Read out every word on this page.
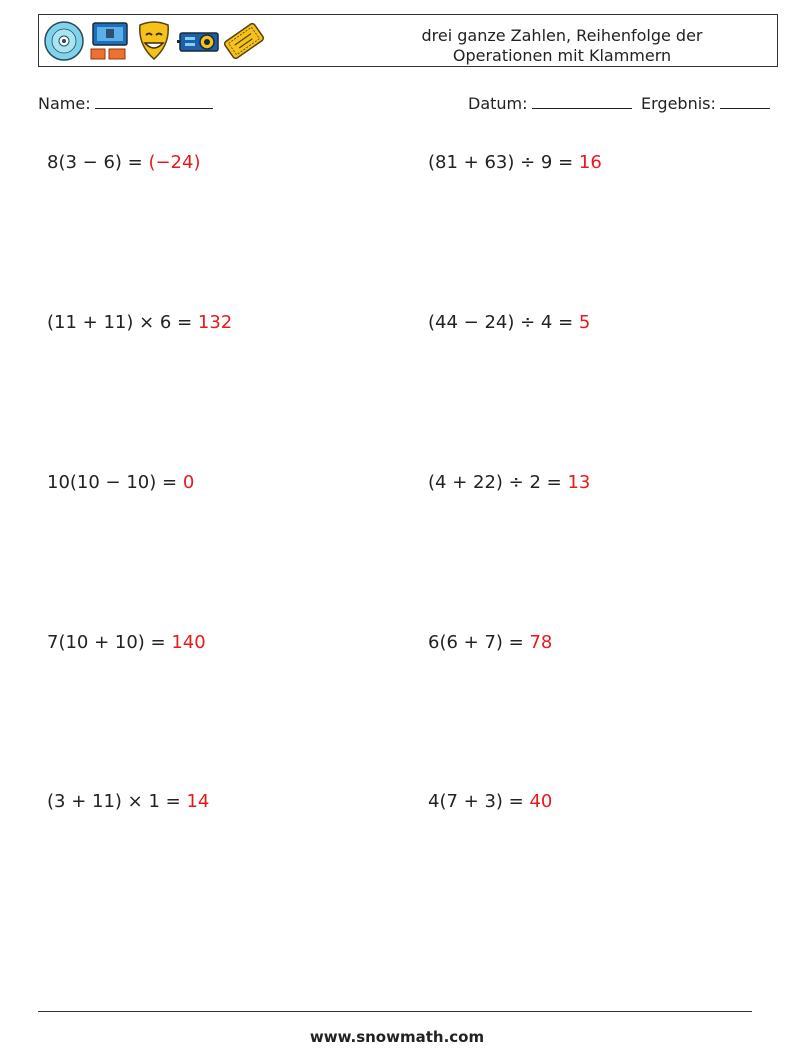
drei ganze Zahlen, Reihenfolge der
Operationen mit Klammern
Name:	Datum:	Ergebnis:
8(3 − 6) = (−24)	(81 + 63) ÷ 9 = 16
(11 + 11) × 6 = 132	(44 − 24) ÷ 4 = 5
10(10 − 10) = 0	(4 + 22) ÷ 2 = 13
7(10 + 10) = 140	6(6 + 7) = 78
(3 + 11) × 1 = 14	4(7 + 3) = 40
www.snowmath.com
